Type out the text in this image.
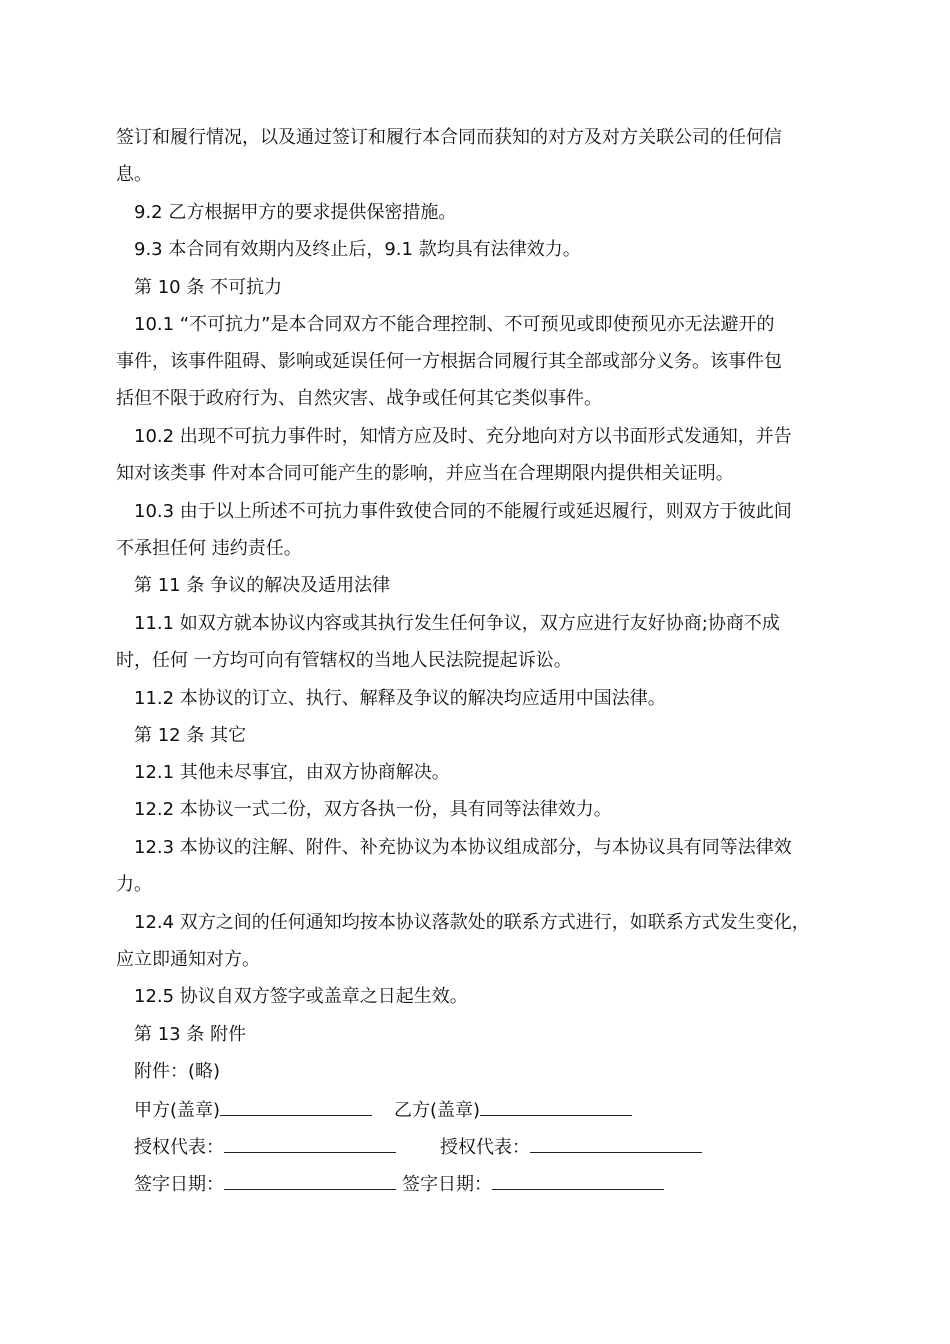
签订和履行情况，以及通过签订和履行本合同而获知的对方及对方关联公司的任何信
息。
9.2 乙方根据甲方的要求提供保密措施。
9.3 本合同有效期内及终止后，9.1 款均具有法律效力。
第 10 条 不可抗力
10.1 “不可抗力”是本合同双方不能合理控制、不可预见或即使预见亦无法避开的
事件，该事件阻碍、影响或延误任何一方根据合同履行其全部或部分义务。该事件包
括但不限于政府行为、自然灾害、战争或任何其它类似事件。
10.2 出现不可抗力事件时，知情方应及时、充分地向对方以书面形式发通知，并告
知对该类事 件对本合同可能产生的影响，并应当在合理期限内提供相关证明。
10.3 由于以上所述不可抗力事件致使合同的不能履行或延迟履行，则双方于彼此间
不承担任何 违约责任。
第 11 条 争议的解决及适用法律
11.1 如双方就本协议内容或其执行发生任何争议，双方应进行友好协商;协商不成
时，任何 一方均可向有管辖权的当地人民法院提起诉讼。
11.2 本协议的订立、执行、解释及争议的解决均应适用中国法律。
第 12 条 其它
12.1 其他未尽事宜，由双方协商解决。
12.2 本协议一式二份，双方各执一份，具有同等法律效力。
12.3 本协议的注解、附件、补充协议为本协议组成部分，与本协议具有同等法律效
力。
12.4 双方之间的任何通知均按本协议落款处的联系方式进行，如联系方式发生变化，
应立即通知对方。
12.5 协议自双方签字或盖章之日起生效。
第 13 条 附件
附件：(略)
甲方(盖章)	乙方(盖章)
授权代表：	授权代表：
签字日期：	签字日期：
